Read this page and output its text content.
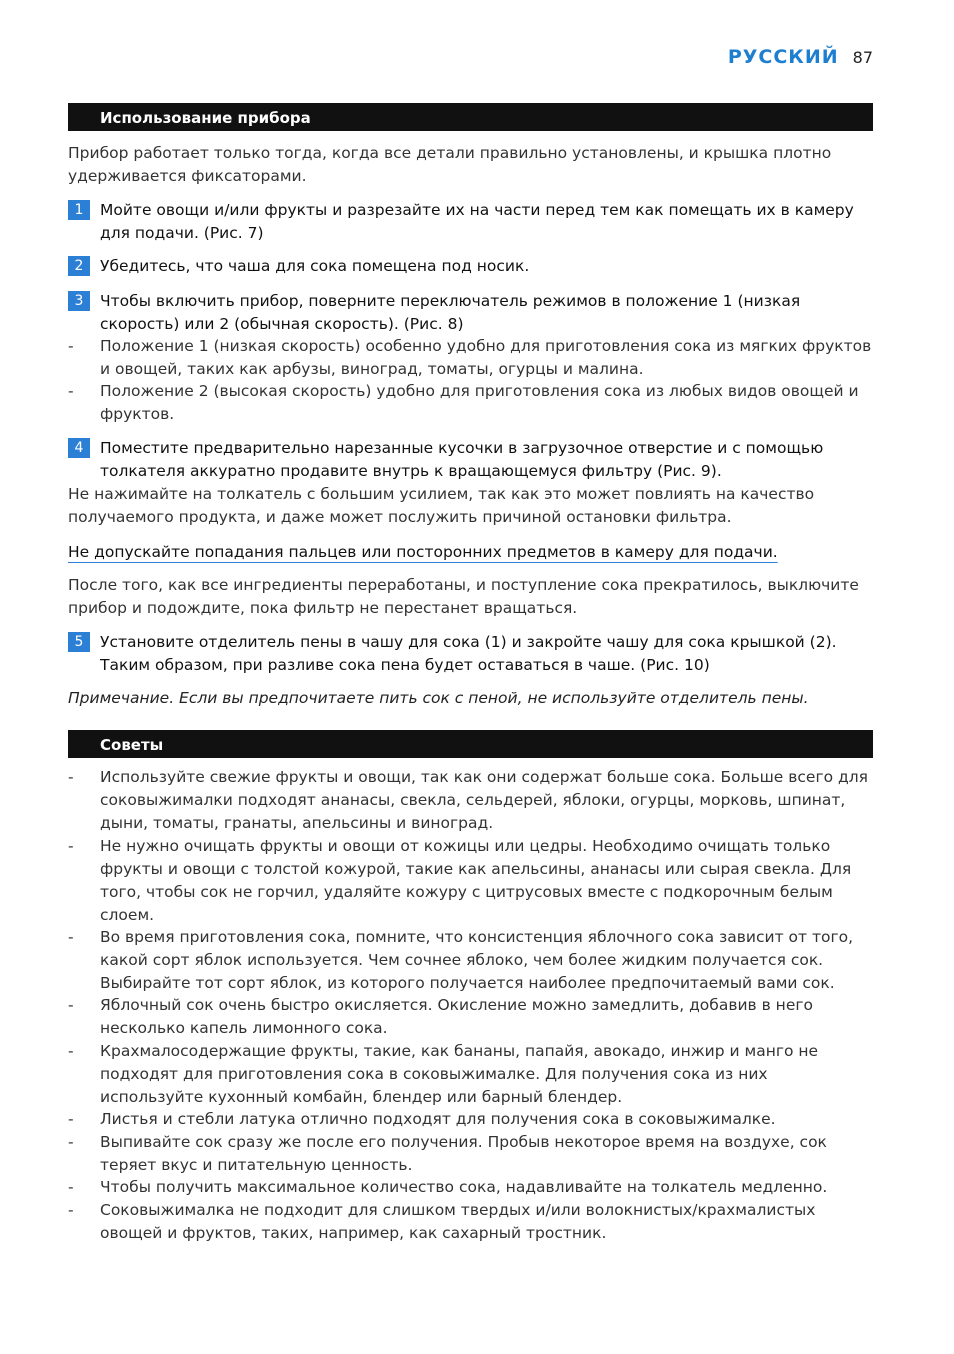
РУССКИЙ 87
Использование прибора
Прибор работает только тогда, когда все детали правильно установлены, и крышка плотно удерживается фиксаторами.
1	Мойте овощи и/или фрукты и разрезайте их на части перед тем как помещать их в камеру для подачи. (Рис. 7)
2	Убедитесь, что чаша для сока помещена под носик.
3	Чтобы включить прибор, поверните переключатель режимов в положение 1 (низкая скорость) или 2 (обычная скорость). (Рис. 8)
- Положение 1 (низкая скорость) особенно удобно для приготовления сока из мягких фруктов и овощей, таких как арбузы, виноград, томаты, огурцы и малина.
- Положение 2 (высокая скорость) удобно для приготовления сока из любых видов овощей и фруктов.
4	Поместите предварительно нарезанные кусочки в загрузочное отверстие и с помощью толкателя аккуратно продавите внутрь к вращающемуся фильтру (Рис. 9).
Не нажимайте на толкатель с большим усилием, так как это может повлиять на качество получаемого продукта, и даже может послужить причиной остановки фильтра.
Не допускайте попадания пальцев или посторонних предметов в камеру для подачи.
После того, как все ингредиенты переработаны, и поступление сока прекратилось, выключите прибор и подождите, пока фильтр не перестанет вращаться.
5	Установите отделитель пены в чашу для сока (1) и закройте чашу для сока крышкой (2). Таким образом, при разливе сока пена будет оставаться в чаше. (Рис. 10)
Примечание. Если вы предпочитаете пить сок с пеной, не используйте отделитель пены.
Советы
- Используйте свежие фрукты и овощи, так как они содержат больше сока. Больше всего для соковыжималки подходят ананасы, свекла, сельдерей, яблоки, огурцы, морковь, шпинат, дыни, томаты, гранаты, апельсины и виноград.
- Не нужно очищать фрукты и овощи от кожицы или цедры. Необходимо очищать только фрукты и овощи с толстой кожурой, такие как апельсины, ананасы или сырая свекла. Для того, чтобы сок не горчил, удаляйте кожуру с цитрусовых вместе с подкорочным белым слоем.
- Во время приготовления сока, помните, что консистенция яблочного сока зависит от того, какой сорт яблок используется. Чем сочнее яблоко, чем более жидким получается сок. Выбирайте тот сорт яблок, из которого получается наиболее предпочитаемый вами сок.
- Яблочный сок очень быстро окисляется. Окисление можно замедлить, добавив в него несколько капель лимонного сока.
- Крахмалосодержащие фрукты, такие, как бананы, папайя, авокадо, инжир и манго не подходят для приготовления сока в соковыжималке. Для получения сока из них используйте кухонный комбайн, блендер или барный блендер.
- Листья и стебли латука отлично подходят для получения сока в соковыжималке.
- Выпивайте сок сразу же после его получения. Пробыв некоторое время на воздухе, сок теряет вкус и питательную ценность.
- Чтобы получить максимальное количество сока, надавливайте на толкатель медленно.
- Соковыжималка не подходит для слишком твердых и/или волокнистых/крахмалистых овощей и фруктов, таких, например, как сахарный тростник.
